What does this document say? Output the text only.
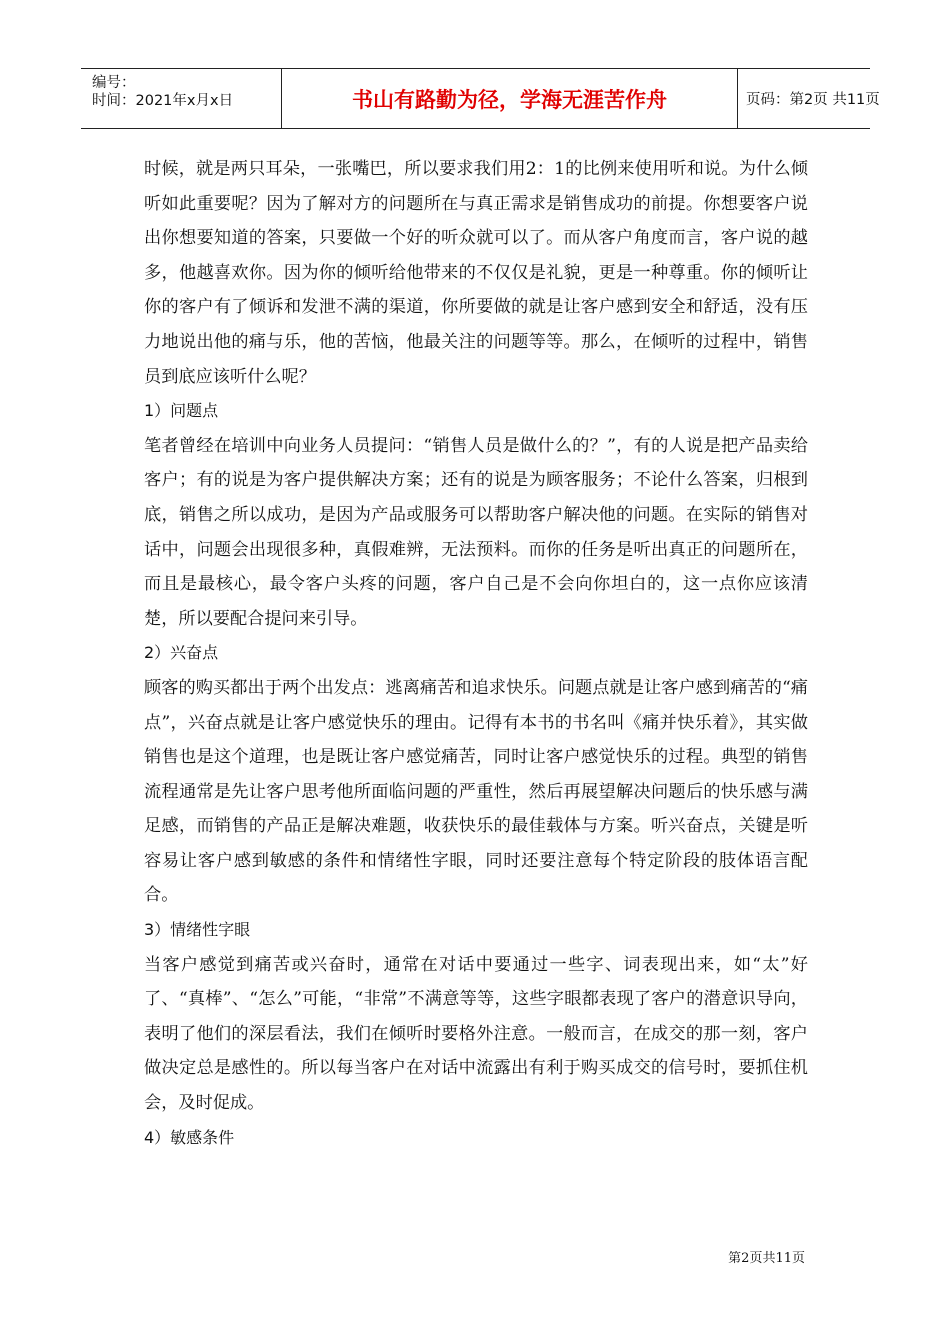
编号：
时间：2021年x月x日	书山有路勤为径，学海无涯苦作舟	页码：第2页 共11页

时候，就是两只耳朵，一张嘴巴，所以要求我们用2：1的比例来使用听和说。为什么倾听如此重要呢？因为了解对方的问题所在与真正需求是销售成功的前提。你想要客户说出你想要知道的答案，只要做一个好的听众就可以了。而从客户角度而言，客户说的越多，他越喜欢你。因为你的倾听给他带来的不仅仅是礼貌，更是一种尊重。你的倾听让你的客户有了倾诉和发泄不满的渠道，你所要做的就是让客户感到安全和舒适，没有压力地说出他的痛与乐，他的苦恼，他最关注的问题等等。那么，在倾听的过程中，销售员到底应该听什么呢？

1）问题点

笔者曾经在培训中向业务人员提问：“销售人员是做什么的？”，有的人说是把产品卖给客户；有的说是为客户提供解决方案；还有的说是为顾客服务；不论什么答案，归根到底，销售之所以成功，是因为产品或服务可以帮助客户解决他的问题。在实际的销售对话中，问题会出现很多种，真假难辨，无法预料。而你的任务是听出真正的问题所在，而且是最核心，最令客户头疼的问题，客户自己是不会向你坦白的，这一点你应该清楚，所以要配合提问来引导。

2）兴奋点

顾客的购买都出于两个出发点：逃离痛苦和追求快乐。问题点就是让客户感到痛苦的“痛点”，兴奋点就是让客户感觉快乐的理由。记得有本书的书名叫《痛并快乐着》，其实做销售也是这个道理，也是既让客户感觉痛苦，同时让客户感觉快乐的过程。典型的销售流程通常是先让客户思考他所面临问题的严重性，然后再展望解决问题后的快乐感与满足感，而销售的产品正是解决难题，收获快乐的最佳载体与方案。听兴奋点，关键是听容易让客户感到敏感的条件和情绪性字眼，同时还要注意每个特定阶段的肢体语言配合。

3）情绪性字眼

当客户感觉到痛苦或兴奋时，通常在对话中要通过一些字、词表现出来，如“太”好了、“真棒”、“怎么”可能，“非常”不满意等等，这些字眼都表现了客户的潜意识导向，表明了他们的深层看法，我们在倾听时要格外注意。一般而言，在成交的那一刻，客户做决定总是感性的。所以每当客户在对话中流露出有利于购买成交的信号时，要抓住机会，及时促成。

4）敏感条件

第2页共11页
